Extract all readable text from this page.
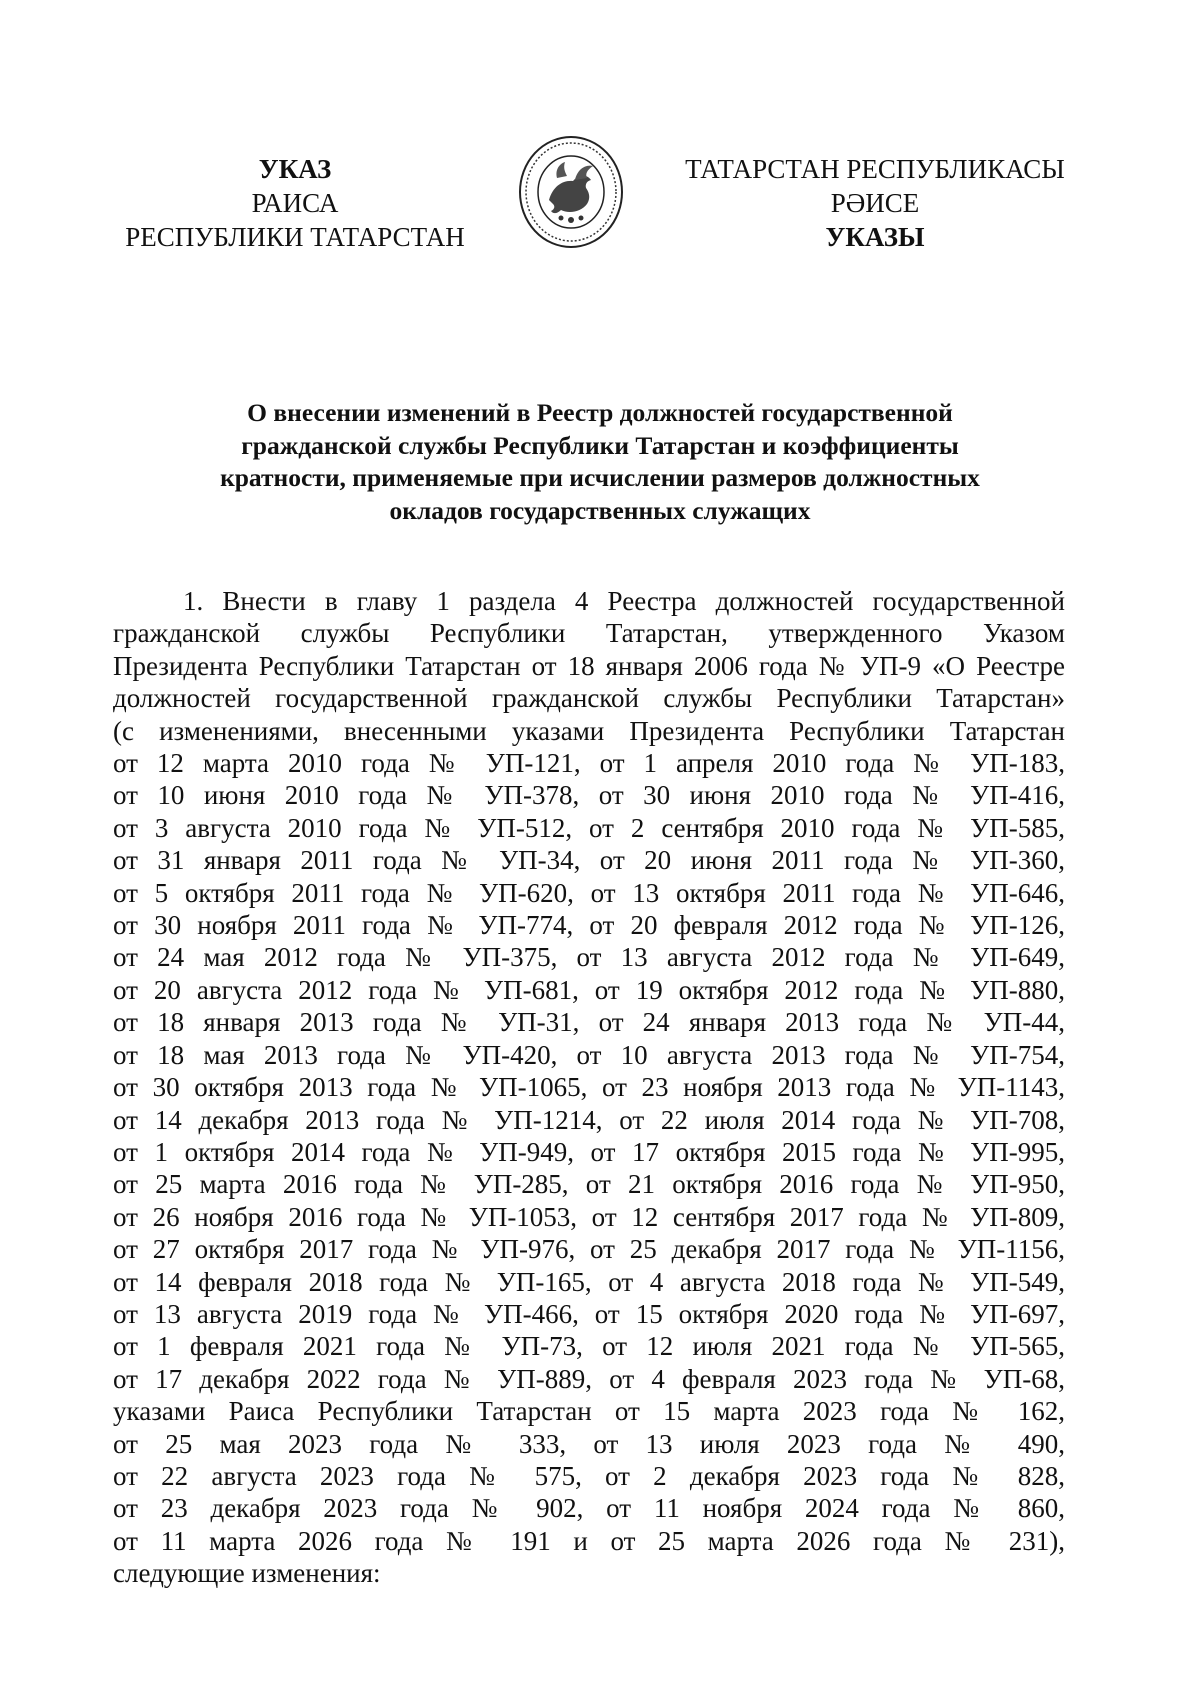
УКАЗ
РАИСА
РЕСПУБЛИКИ ТАТАРСТАН
ТАТАРСТАН РЕСПУБЛИКАСЫ
РӘИСЕ
УКАЗЫ
О внесении изменений в Реестр должностей государственной
гражданской службы Республики Татарстан и коэффициенты
кратности, применяемые при исчислении размеров должностных
окладов государственных служащих
1. Внести в главу 1 раздела 4 Реестра должностей государственной
гражданской службы Республики Татарстан, утвержденного Указом
Президента Республики Татарстан от 18 января 2006 года № УП-9 «О Реестре
должностей государственной гражданской службы Республики Татарстан»
(с изменениями, внесенными указами Президента Республики Татарстан
от 12 марта 2010 года № УП-121, от 1 апреля 2010 года № УП-183,
от 10 июня 2010 года № УП-378, от 30 июня 2010 года № УП-416,
от 3 августа 2010 года № УП-512, от 2 сентября 2010 года № УП-585,
от 31 января 2011 года № УП-34, от 20 июня 2011 года № УП-360,
от 5 октября 2011 года № УП-620, от 13 октября 2011 года № УП-646,
от 30 ноября 2011 года № УП-774, от 20 февраля 2012 года № УП-126,
от 24 мая 2012 года № УП-375, от 13 августа 2012 года № УП-649,
от 20 августа 2012 года № УП-681, от 19 октября 2012 года № УП-880,
от 18 января 2013 года № УП-31, от 24 января 2013 года № УП-44,
от 18 мая 2013 года № УП-420, от 10 августа 2013 года № УП-754,
от 30 октября 2013 года № УП-1065, от 23 ноября 2013 года № УП-1143,
от 14 декабря 2013 года № УП-1214, от 22 июля 2014 года № УП-708,
от 1 октября 2014 года № УП-949, от 17 октября 2015 года № УП-995,
от 25 марта 2016 года № УП-285, от 21 октября 2016 года № УП-950,
от 26 ноября 2016 года № УП-1053, от 12 сентября 2017 года № УП-809,
от 27 октября 2017 года № УП-976, от 25 декабря 2017 года № УП-1156,
от 14 февраля 2018 года № УП-165, от 4 августа 2018 года № УП-549,
от 13 августа 2019 года № УП-466, от 15 октября 2020 года № УП-697,
от 1 февраля 2021 года № УП-73, от 12 июля 2021 года № УП-565,
от 17 декабря 2022 года № УП-889, от 4 февраля 2023 года № УП-68,
указами Раиса Республики Татарстан от 15 марта 2023 года № 162,
от 25 мая 2023 года № 333, от 13 июля 2023 года № 490,
от 22 августа 2023 года № 575, от 2 декабря 2023 года № 828,
от 23 декабря 2023 года № 902, от 11 ноября 2024 года № 860,
от 11 марта 2026 года № 191 и от 25 марта 2026 года № 231),
следующие изменения:
